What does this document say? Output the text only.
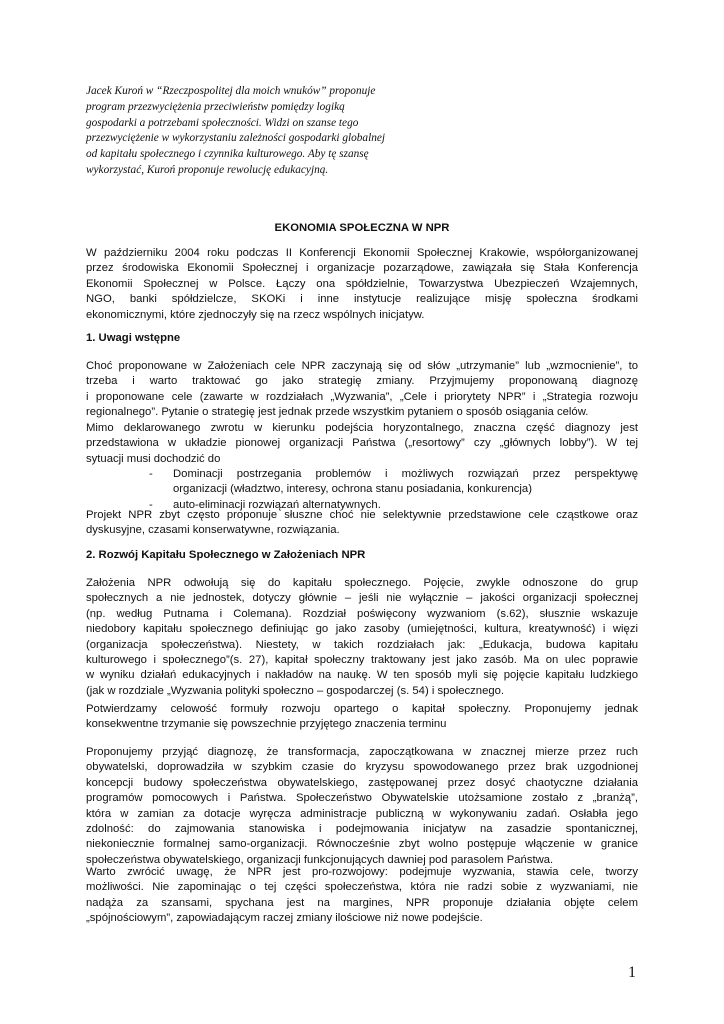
Jacek Kuroń w “Rzeczpospolitej dla moich wnuków” proponuje
program przezwyciężenia przeciwieństw pomiędzy logiką
gospodarki a potrzebami społeczności. Widzi on szanse tego
przezwyciężenie w wykorzystaniu zależności gospodarki globalnej
od kapitału społecznego i czynnika kulturowego. Aby tę szansę
wykorzystać, Kuroń proponuje rewolucję edukacyjną.
EKONOMIA SPOŁECZNA W NPR
W październiku 2004 roku podczas II Konferencji Ekonomii Społecznej Krakowie, współorganizowanej
przez środowiska Ekonomii Społecznej i organizacje pozarządowe, zawiązała się Stała Konferencja
Ekonomii Społecznej w Polsce. Łączy ona spółdzielnie, Towarzystwa Ubezpieczeń Wzajemnych,
NGO, banki spółdzielcze, SKOKi i inne instytucje realizujące misję społeczna środkami
ekonomicznymi, które zjednoczyły się na rzecz wspólnych inicjatyw.
1. Uwagi wstępne
Choć proponowane w Założeniach cele NPR zaczynają się od słów „utrzymanie” lub „wzmocnienie”, to
trzeba i warto traktować go jako strategię zmiany. Przyjmujemy proponowaną diagnozę
i proponowane cele (zawarte w rozdziałach „Wyzwania”, „Cele i priorytety NPR” i „Strategia rozwoju
regionalnego”. Pytanie o strategię jest jednak przede wszystkim pytaniem o sposób osiągania celów.
Mimo deklarowanego zwrotu w kierunku podejścia horyzontalnego, znaczna część diagnozy jest
przedstawiona w układzie pionowej organizacji Państwa („resortowy” czy „głównych lobby”). W tej
sytuacji musi dochodzić do
- Dominacji postrzegania problemów i możliwych rozwiązań przez perspektywę
organizacji (władztwo, interesy, ochrona stanu posiadania, konkurencja)
- auto-eliminacji rozwiązań alternatywnych.
Projekt NPR zbyt często proponuje słuszne choć nie selektywnie przedstawione cele cząstkowe oraz
dyskusyjne, czasami konserwatywne, rozwiązania.
2. Rozwój Kapitału Społecznego w Założeniach NPR
Założenia NPR odwołują się do kapitału społecznego. Pojęcie, zwykle odnoszone do grup
społecznych a nie jednostek, dotyczy głównie – jeśli nie wyłącznie – jakości organizacji społecznej
(np. według Putnama i Colemana). Rozdział poświęcony wyzwaniom (s.62), słusznie wskazuje
niedobory kapitału społecznego definiując go jako zasoby (umiejętności, kultura, kreatywność) i więzi
(organizacja społeczeństwa). Niestety, w takich rozdziałach jak: „Edukacja, budowa kapitału
kulturowego i społecznego”(s. 27), kapitał społeczny traktowany jest jako zasób. Ma on ulec poprawie
w wyniku działań edukacyjnych i nakładów na naukę. W ten sposób myli się pojęcie kapitału ludzkiego
(jak w rozdziale „Wyzwania polityki społeczno – gospodarczej (s. 54) i społecznego.
Potwierdzamy celowość formuły rozwoju opartego o kapitał społeczny. Proponujemy jednak
konsekwentne trzymanie się powszechnie przyjętego znaczenia terminu
Proponujemy przyjąć diagnozę, że transformacja, zapoczątkowana w znacznej mierze przez ruch
obywatelski, doprowadziła w szybkim czasie do kryzysu spowodowanego przez brak uzgodnionej
koncepcji budowy społeczeństwa obywatelskiego, zastępowanej przez dosyć chaotyczne działania
programów pomocowych i Państwa. Społeczeństwo Obywatelskie utożsamione zostało z „branżą”,
która w zamian za dotacje wyręcza administracje publiczną w wykonywaniu zadań. Osłabła jego
zdolność: do zajmowania stanowiska i podejmowania inicjatyw na zasadzie spontanicznej,
niekoniecznie formalnej samo-organizacji. Równocześnie zbyt wolno postępuje włączenie w granice
społeczeństwa obywatelskiego, organizacji funkcjonujących dawniej pod parasolem Państwa.
Warto zwrócić uwagę, że NPR jest pro-rozwojowy: podejmuje wyzwania, stawia cele, tworzy
możliwości. Nie zapominając o tej części społeczeństwa, która nie radzi sobie z wyzwaniami, nie
nadąża za szansami, spychana jest na margines, NPR proponuje działania objęte celem
„spójnościowym”, zapowiadającym raczej zmiany ilościowe niż nowe podejście.
1
